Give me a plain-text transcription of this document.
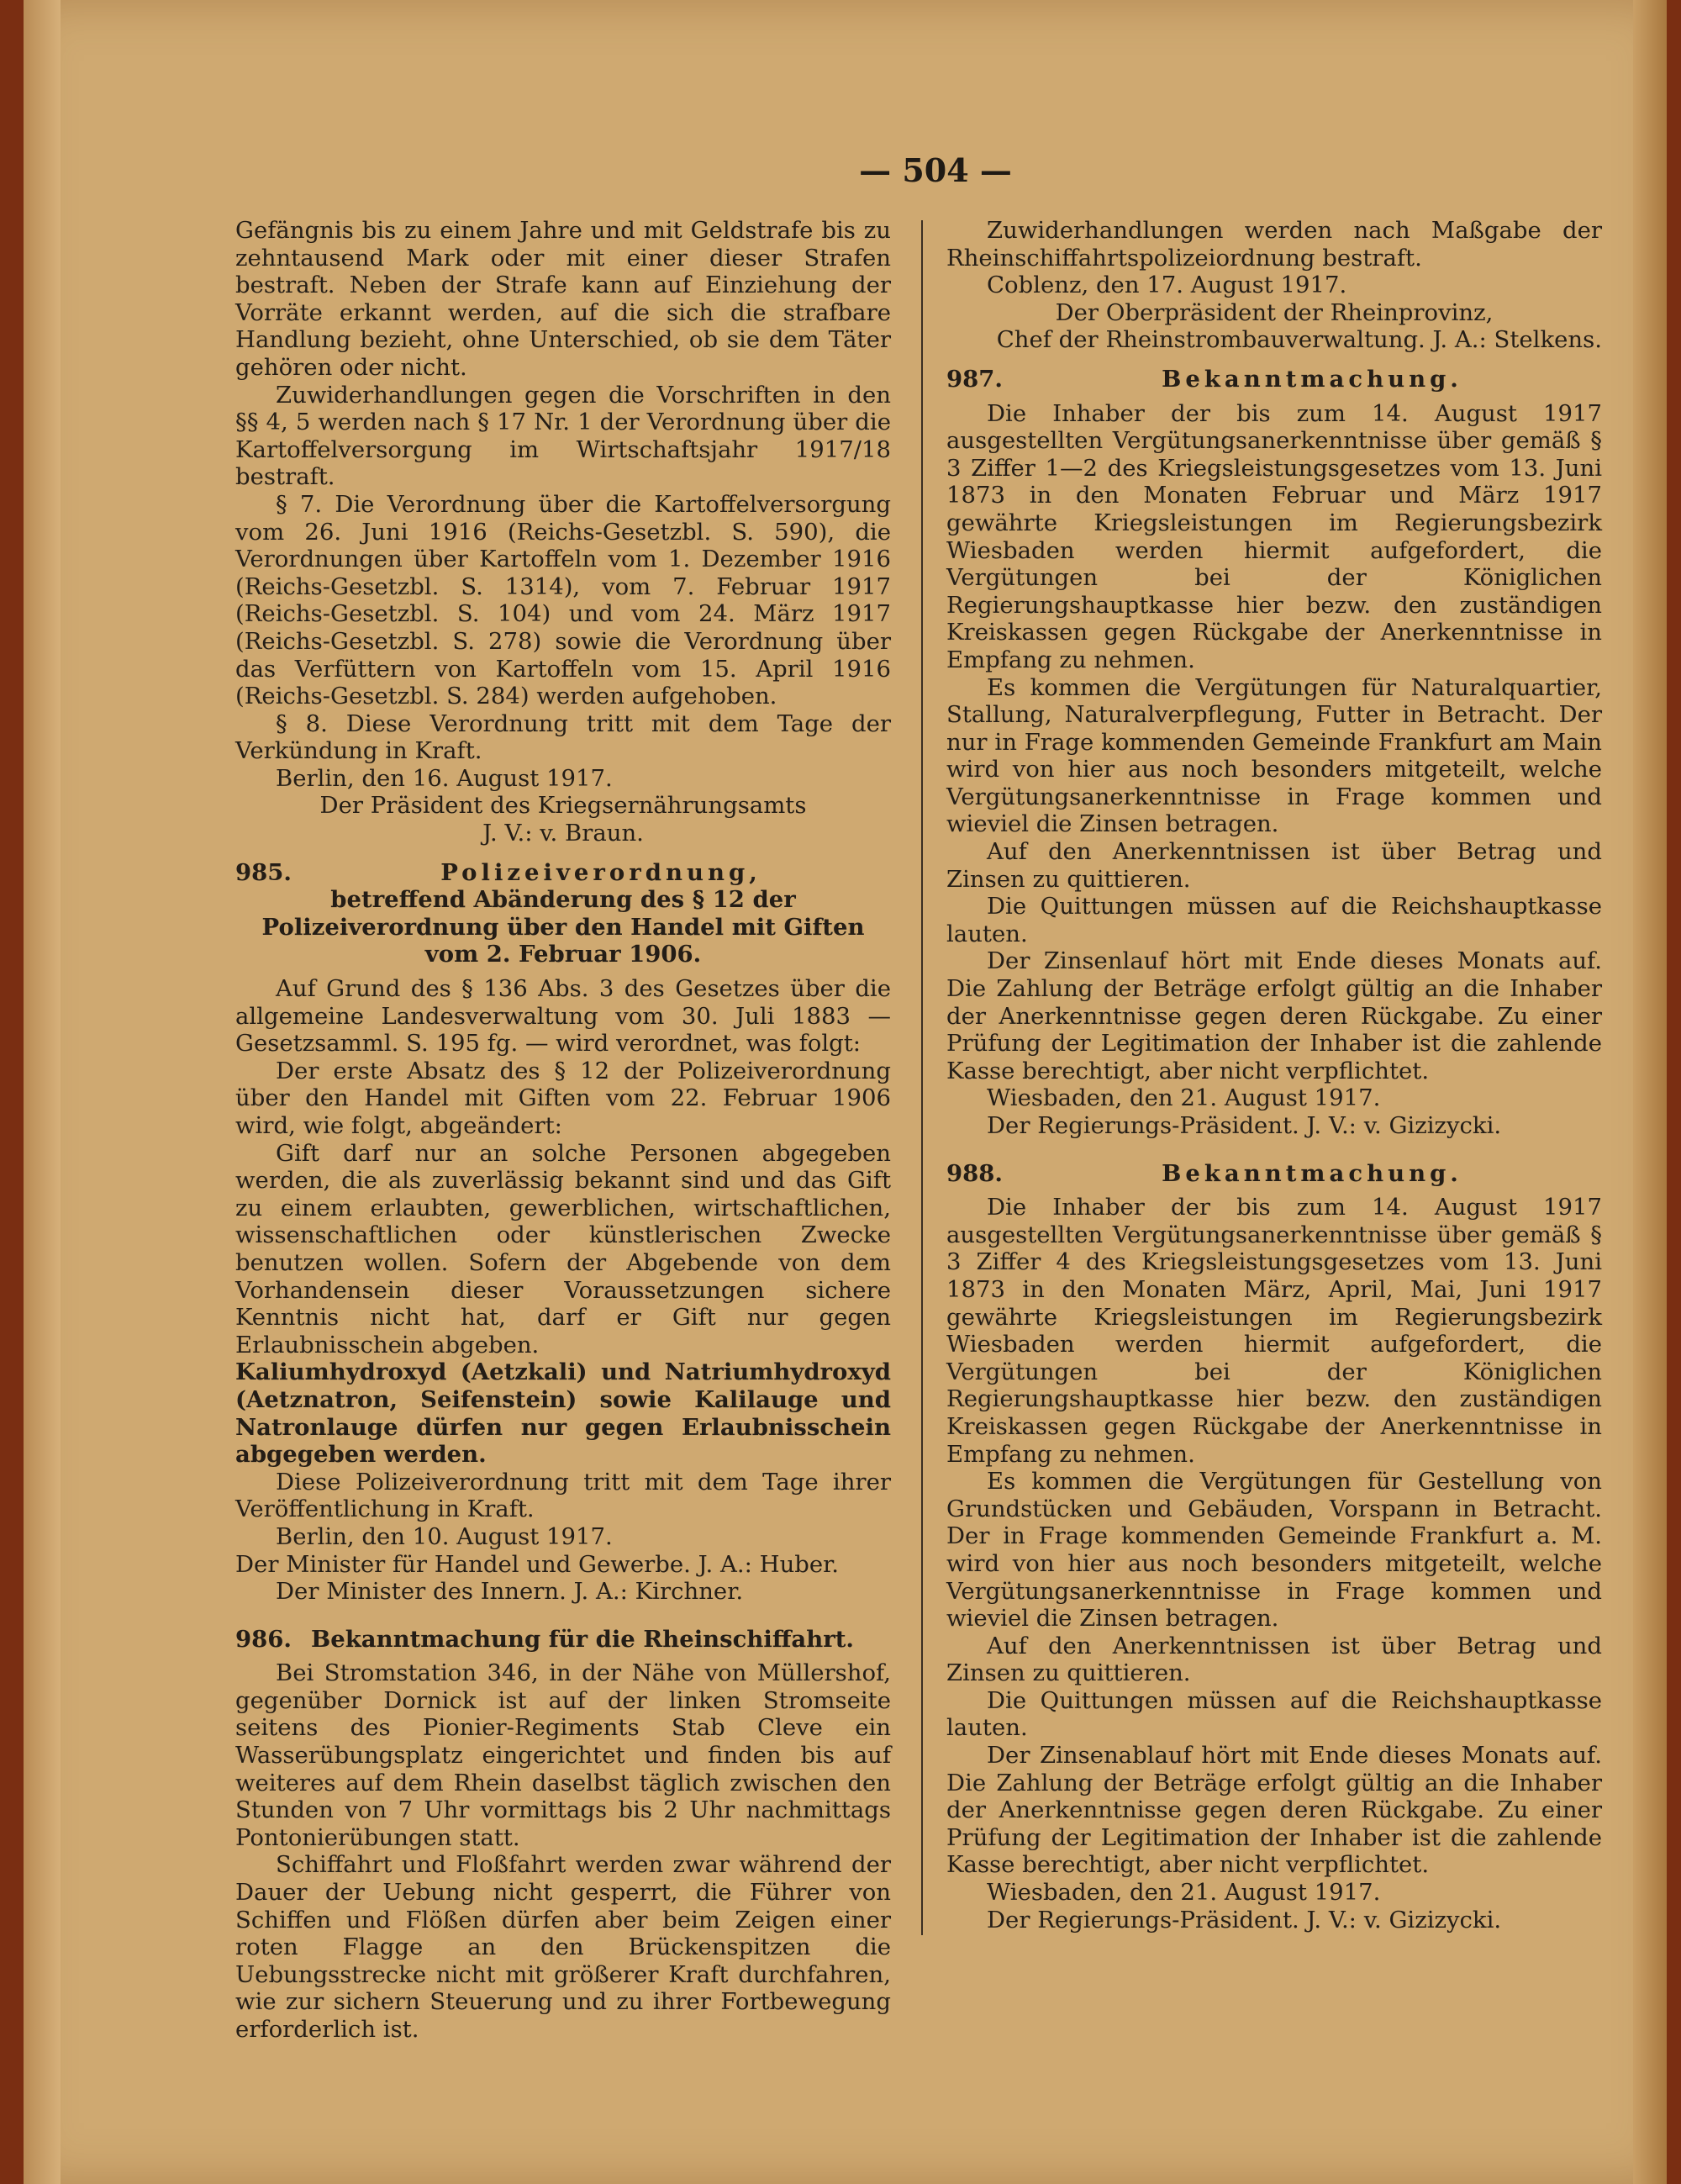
— 504 —

Gefängnis bis zu einem Jahre und mit Geldstrafe bis zu zehntausend Mark oder mit einer dieser Strafen bestraft. Neben der Strafe kann auf Einziehung der Vorräte erkannt werden, auf die sich die strafbare Handlung bezieht, ohne Unterschied, ob sie dem Täter gehören oder nicht.

Zuwiderhandlungen gegen die Vorschriften in den §§ 4, 5 werden nach § 17 Nr. 1 der Verordnung über die Kartoffelversorgung im Wirtschaftsjahr 1917/18 bestraft.

§ 7. Die Verordnung über die Kartoffelversorgung vom 26. Juni 1916 (Reichs-Gesetzbl. S. 590), die Verordnungen über Kartoffeln vom 1. Dezember 1916 (Reichs-Gesetzbl. S. 1314), vom 7. Februar 1917 (Reichs-Gesetzbl. S. 104) und vom 24. März 1917 (Reichs-Gesetzbl. S. 278) sowie die Verordnung über das Verfüttern von Kartoffeln vom 15. April 1916 (Reichs-Gesetzbl. S. 284) werden aufgehoben.

§ 8. Diese Verordnung tritt mit dem Tage der Verkündung in Kraft.

Berlin, den 16. August 1917.

Der Präsident des Kriegsernährungsamts

J. V.: v. Braun.

985.	Polizeiverordnung,

betreffend Abänderung des § 12 der Polizeiverordnung über den Handel mit Giften vom 2. Februar 1906.

Auf Grund des § 136 Abs. 3 des Gesetzes über die allgemeine Landesverwaltung vom 30. Juli 1883 — Gesetzsamml. S. 195 fg. — wird verordnet, was folgt:

Der erste Absatz des § 12 der Polizeiverordnung über den Handel mit Giften vom 22. Februar 1906 wird, wie folgt, abgeändert:

Gift darf nur an solche Personen abgegeben werden, die als zuverlässig bekannt sind und das Gift zu einem erlaubten, gewerblichen, wirtschaftlichen, wissenschaftlichen oder künstlerischen Zwecke benutzen wollen. Sofern der Abgebende von dem Vorhandensein dieser Voraussetzungen sichere Kenntnis nicht hat, darf er Gift nur gegen Erlaubnisschein abgeben.

Kaliumhydroxyd (Aetzkali) und Natriumhydroxyd (Aetznatron, Seifenstein) sowie Kalilauge und Natronlauge dürfen nur gegen Erlaubnisschein abgegeben werden.

Diese Polizeiverordnung tritt mit dem Tage ihrer Veröffentlichung in Kraft.

Berlin, den 10. August 1917.

Der Minister für Handel und Gewerbe. J. A.: Huber.

Der Minister des Innern. J. A.: Kirchner.

986. Bekanntmachung für die Rheinschiffahrt.

Bei Stromstation 346, in der Nähe von Müllershof, gegenüber Dornick ist auf der linken Stromseite seitens des Pionier-Regiments Stab Cleve ein Wasserübungsplatz eingerichtet und finden bis auf weiteres auf dem Rhein daselbst täglich zwischen den Stunden von 7 Uhr vormittags bis 2 Uhr nachmittags Pontonierübungen statt.

Schiffahrt und Floßfahrt werden zwar während der Dauer der Uebung nicht gesperrt, die Führer von Schiffen und Flößen dürfen aber beim Zeigen einer roten Flagge an den Brückenspitzen die Uebungsstrecke nicht mit größerer Kraft durchfahren, wie zur sichern Steuerung und zu ihrer Fortbewegung erforderlich ist.

Zuwiderhandlungen werden nach Maßgabe der Rheinschiffahrtspolizeiordnung bestraft.

Coblenz, den 17. August 1917.

Der Oberpräsident der Rheinprovinz,

Chef der Rheinstrombauverwaltung. J. A.: Stelkens.

987.	Bekanntmachung.

Die Inhaber der bis zum 14. August 1917 ausgestellten Vergütungsanerkenntnisse über gemäß § 3 Ziffer 1—2 des Kriegsleistungsgesetzes vom 13. Juni 1873 in den Monaten Februar und März 1917 gewährte Kriegsleistungen im Regierungsbezirk Wiesbaden werden hiermit aufgefordert, die Vergütungen bei der Königlichen Regierungshauptkasse hier bezw. den zuständigen Kreiskassen gegen Rückgabe der Anerkenntnisse in Empfang zu nehmen.

Es kommen die Vergütungen für Naturalquartier, Stallung, Naturalverpflegung, Futter in Betracht. Der nur in Frage kommenden Gemeinde Frankfurt am Main wird von hier aus noch besonders mitgeteilt, welche Vergütungsanerkenntnisse in Frage kommen und wieviel die Zinsen betragen.

Auf den Anerkenntnissen ist über Betrag und Zinsen zu quittieren.

Die Quittungen müssen auf die Reichshauptkasse lauten.

Der Zinsenlauf hört mit Ende dieses Monats auf. Die Zahlung der Beträge erfolgt gültig an die Inhaber der Anerkenntnisse gegen deren Rückgabe. Zu einer Prüfung der Legitimation der Inhaber ist die zahlende Kasse berechtigt, aber nicht verpflichtet.

Wiesbaden, den 21. August 1917.

Der Regierungs-Präsident. J. V.: v. Gizizycki.

988.	Bekanntmachung.

Die Inhaber der bis zum 14. August 1917 ausgestellten Vergütungsanerkenntnisse über gemäß § 3 Ziffer 4 des Kriegsleistungsgesetzes vom 13. Juni 1873 in den Monaten März, April, Mai, Juni 1917 gewährte Kriegsleistungen im Regierungsbezirk Wiesbaden werden hiermit aufgefordert, die Vergütungen bei der Königlichen Regierungshauptkasse hier bezw. den zuständigen Kreiskassen gegen Rückgabe der Anerkenntnisse in Empfang zu nehmen.

Es kommen die Vergütungen für Gestellung von Grundstücken und Gebäuden, Vorspann in Betracht. Der in Frage kommenden Gemeinde Frankfurt a. M. wird von hier aus noch besonders mitgeteilt, welche Vergütungsanerkenntnisse in Frage kommen und wieviel die Zinsen betragen.

Auf den Anerkenntnissen ist über Betrag und Zinsen zu quittieren.

Die Quittungen müssen auf die Reichshauptkasse lauten.

Der Zinsenablauf hört mit Ende dieses Monats auf. Die Zahlung der Beträge erfolgt gültig an die Inhaber der Anerkenntnisse gegen deren Rückgabe. Zu einer Prüfung der Legitimation der Inhaber ist die zahlende Kasse berechtigt, aber nicht verpflichtet.

Wiesbaden, den 21. August 1917.

Der Regierungs-Präsident. J. V.: v. Gizizycki.
